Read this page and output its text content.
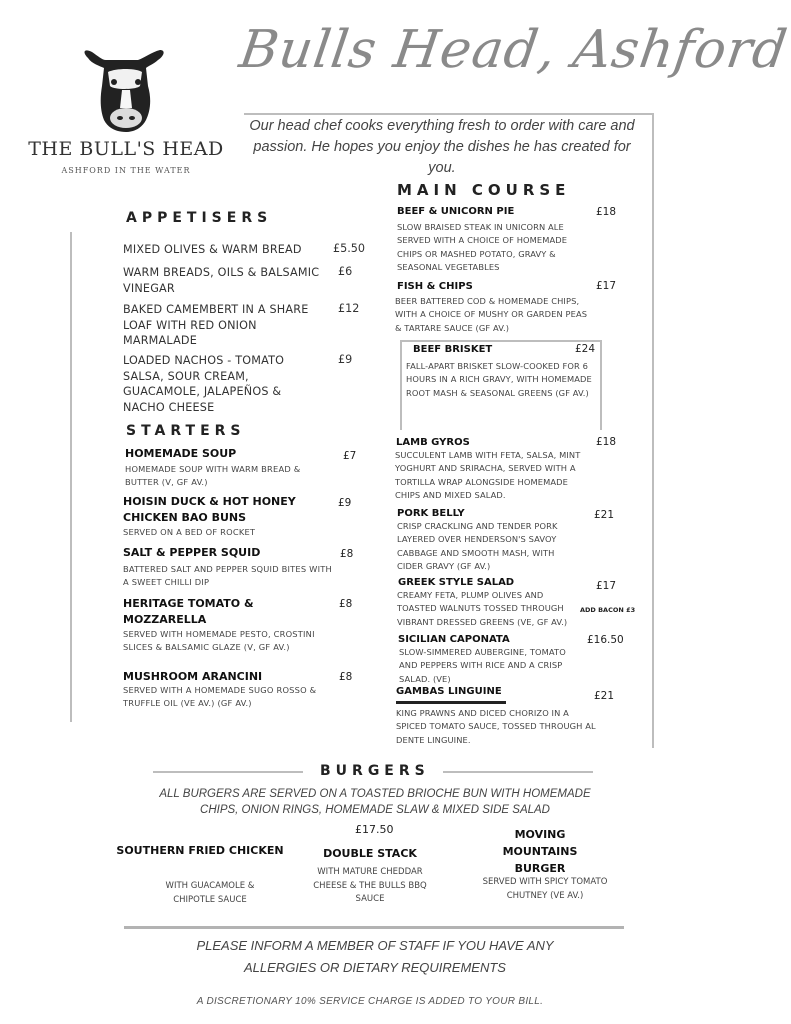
Bulls Head, Ashford
THE BULL'S HEAD
ASHFORD IN THE WATER
Our head chef cooks everything fresh to order with care and passion. He hopes you enjoy the dishes he has created for you.
APPETISERS
MIXED OLIVES & WARM BREAD	£5.50
WARM BREADS, OILS & BALSAMIC VINEGAR
£6
BAKED CAMEMBERT IN A SHARE LOAF WITH RED ONION MARMALADE
£12
LOADED NACHOS - TOMATO SALSA, SOUR CREAM, GUACAMOLE, JALAPEÑOS & NACHO CHEESE
£9
STARTERS
HOMEMADE SOUP	£7
HOMEMADE SOUP WITH WARM BREAD & BUTTER (V, GF AV.)
HOISIN DUCK & HOT HONEY CHICKEN BAO BUNS
£9
SERVED ON A BED OF ROCKET
SALT & PEPPER SQUID	£8
BATTERED SALT AND PEPPER SQUID BITES WITH A SWEET CHILLI DIP
HERITAGE TOMATO & MOZZARELLA
£8
SERVED WITH HOMEMADE PESTO, CROSTINI SLICES & BALSAMIC GLAZE (V, GF AV.)
MUSHROOM ARANCINI	£8
SERVED WITH A HOMEMADE SUGO ROSSO & TRUFFLE OIL (VE AV.) (GF AV.)
MAIN COURSE
BEEF & UNICORN PIE	£18
SLOW BRAISED STEAK IN UNICORN ALE SERVED WITH A CHOICE OF HOMEMADE CHIPS OR MASHED POTATO, GRAVY & SEASONAL VEGETABLES
FISH & CHIPS	£17
BEER BATTERED COD & HOMEMADE CHIPS, WITH A CHOICE OF MUSHY OR GARDEN PEAS & TARTARE SAUCE (GF AV.)
BEEF BRISKET	£24
FALL-APART BRISKET SLOW-COOKED FOR 6 HOURS IN A RICH GRAVY, WITH HOMEMADE ROOT MASH & SEASONAL GREENS (GF AV.)
LAMB GYROS	£18
SUCCULENT LAMB WITH FETA, SALSA, MINT YOGHURT AND SRIRACHA, SERVED WITH A TORTILLA WRAP ALONGSIDE HOMEMADE CHIPS AND MIXED SALAD.
PORK BELLY	£21
CRISP CRACKLING AND TENDER PORK LAYERED OVER HENDERSON'S SAVOY CABBAGE AND SMOOTH MASH, WITH CIDER GRAVY (GF AV.)
GREEK STYLE SALAD	£17
CREAMY FETA, PLUMP OLIVES AND TOASTED WALNUTS TOSSED THROUGH VIBRANT DRESSED GREENS (VE, GF AV.)
ADD BACON £3
SICILIAN CAPONATA	£16.50
SLOW-SIMMERED AUBERGINE, TOMATO AND PEPPERS WITH RICE AND A CRISP SALAD. (VE)
GAMBAS LINGUINE	£21
KING PRAWNS AND DICED CHORIZO IN A SPICED TOMATO SAUCE, TOSSED THROUGH AL DENTE LINGUINE.
BURGERS
ALL BURGERS ARE SERVED ON A TOASTED BRIOCHE BUN WITH HOMEMADE CHIPS, ONION RINGS, HOMEMADE SLAW & MIXED SIDE SALAD
£17.50
SOUTHERN FRIED CHICKEN
WITH GUACAMOLE & CHIPOTLE SAUCE
DOUBLE STACK
WITH MATURE CHEDDAR CHEESE & THE BULLS BBQ SAUCE
MOVING MOUNTAINS BURGER
SERVED WITH SPICY TOMATO CHUTNEY (VE AV.)
PLEASE INFORM A MEMBER OF STAFF IF YOU HAVE ANY ALLERGIES OR DIETARY REQUIREMENTS
A DISCRETIONARY 10% SERVICE CHARGE IS ADDED TO YOUR BILL.
